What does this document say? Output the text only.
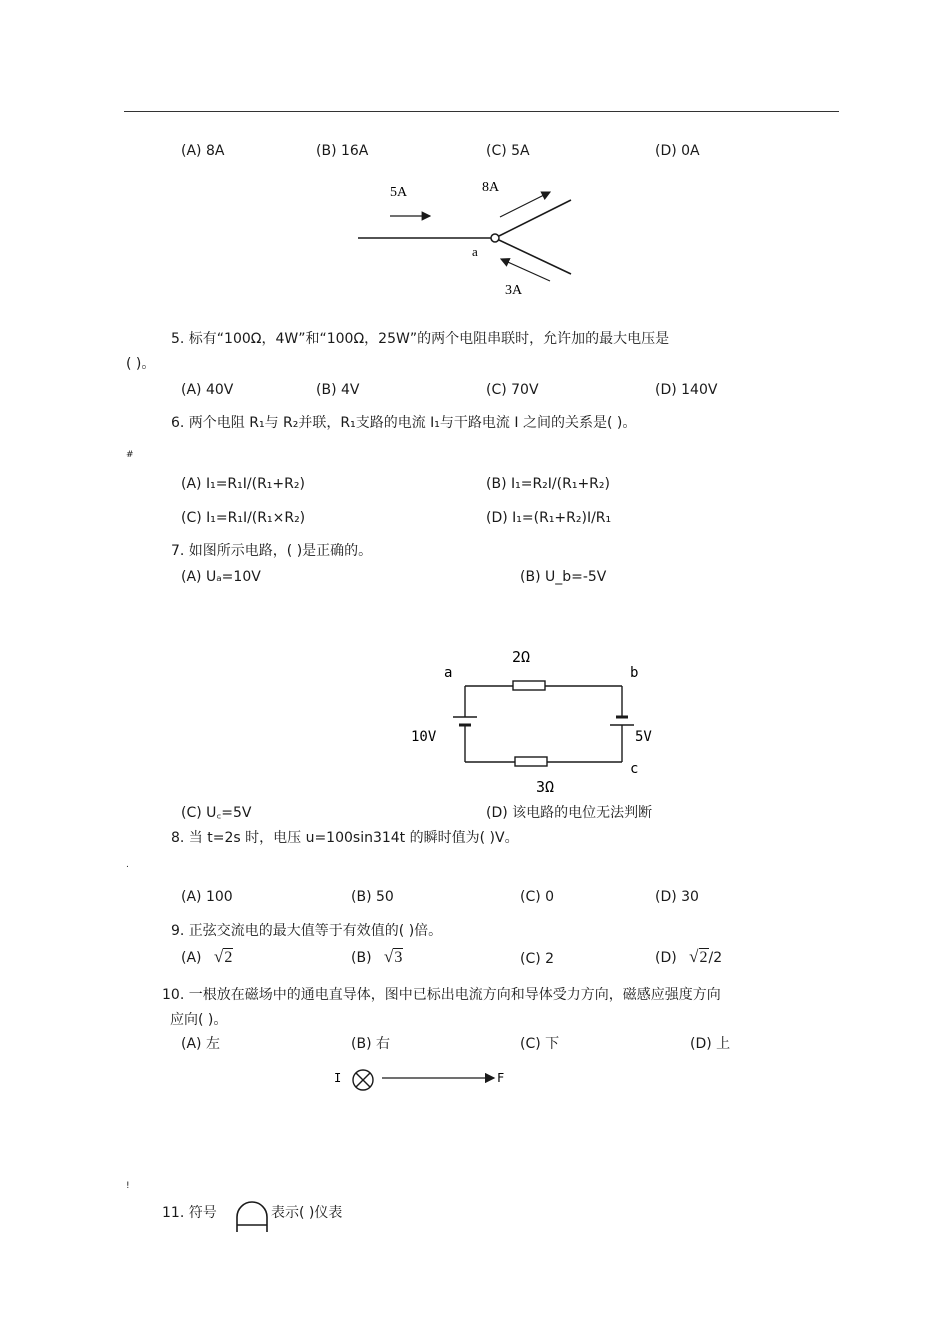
(A) 8A	(B) 16A	(C) 5A	(D) 0A
5A	8A
a
3A
5. 标有“100Ω，4W”和“100Ω，25W”的两个电阻串联时，允许加的最大电压是
( )。
(A) 40V	(B) 4V	(C) 70V	(D) 140V
6. 两个电阻 R₁与 R₂并联，R₁支路的电流 I₁与干路电流 I 之间的关系是( )。
#
(A) I₁=R₁I/(R₁+R₂)	(B) I₁=R₂I/(R₁+R₂)
(C) I₁=R₁I/(R₁×R₂)	(D) I₁=(R₁+R₂)I/R₁
7. 如图所示电路，( )是正确的。
(A) Uₐ=10V	(B) U_b=-5V
2Ω
3Ω
a	b
c
10V	5V
(C) U꜀=5V	(D) 该电路的电位无法判断
8. 当 t=2s 时，电压 u=100sin314t 的瞬时值为( )V。
.
(A) 100	(B) 50	(C) 0	(D) 30
9. 正弦交流电的最大值等于有效值的( )倍。
(A) √2	(B) √3	(C) 2	(D) √2/2
10. 一根放在磁场中的通电直导体，图中已标出电流方向和导体受力方向，磁感应强度方向
应向( )。
(A) 左	(B) 右	(C) 下	(D) 上
I	F
!
11. 符号	表示( )仪表
